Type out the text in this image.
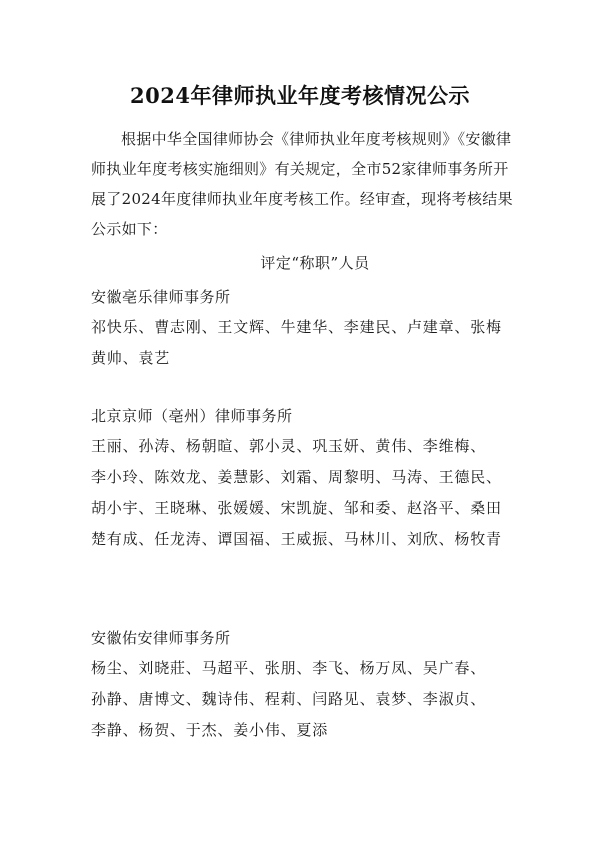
2024年律师执业年度考核情况公示

根据中华全国律师协会《律师执业年度考核规则》《安徽律师执业年度考核实施细则》有关规定，全市52家律师事务所开展了2024年度律师执业年度考核工作。经审查，现将考核结果公示如下：

评定“称职”人员
安徽亳乐律师事务所
祁快乐、曹志刚、王文辉、牛建华、李建民、卢建章、张梅
黄帅、袁艺
北京京师（亳州）律师事务所
王丽、孙涛、杨朝暄、郭小灵、巩玉妍、黄伟、李维梅、
李小玲、陈效龙、姜慧影、刘霜、周黎明、马涛、王德民、
胡小宇、王晓琳、张媛媛、宋凯旋、邹和委、赵洛平、桑田
楚有成、任龙涛、谭国福、王威振、马林川、刘欣、杨牧青
安徽佑安律师事务所
杨尘、刘晓莊、马超平、张朋、李飞、杨万凤、吴广春、
孙静、唐博文、魏诗伟、程莉、闫路见、袁梦、李淑贞、
李静、杨贺、于杰、姜小伟、夏添
